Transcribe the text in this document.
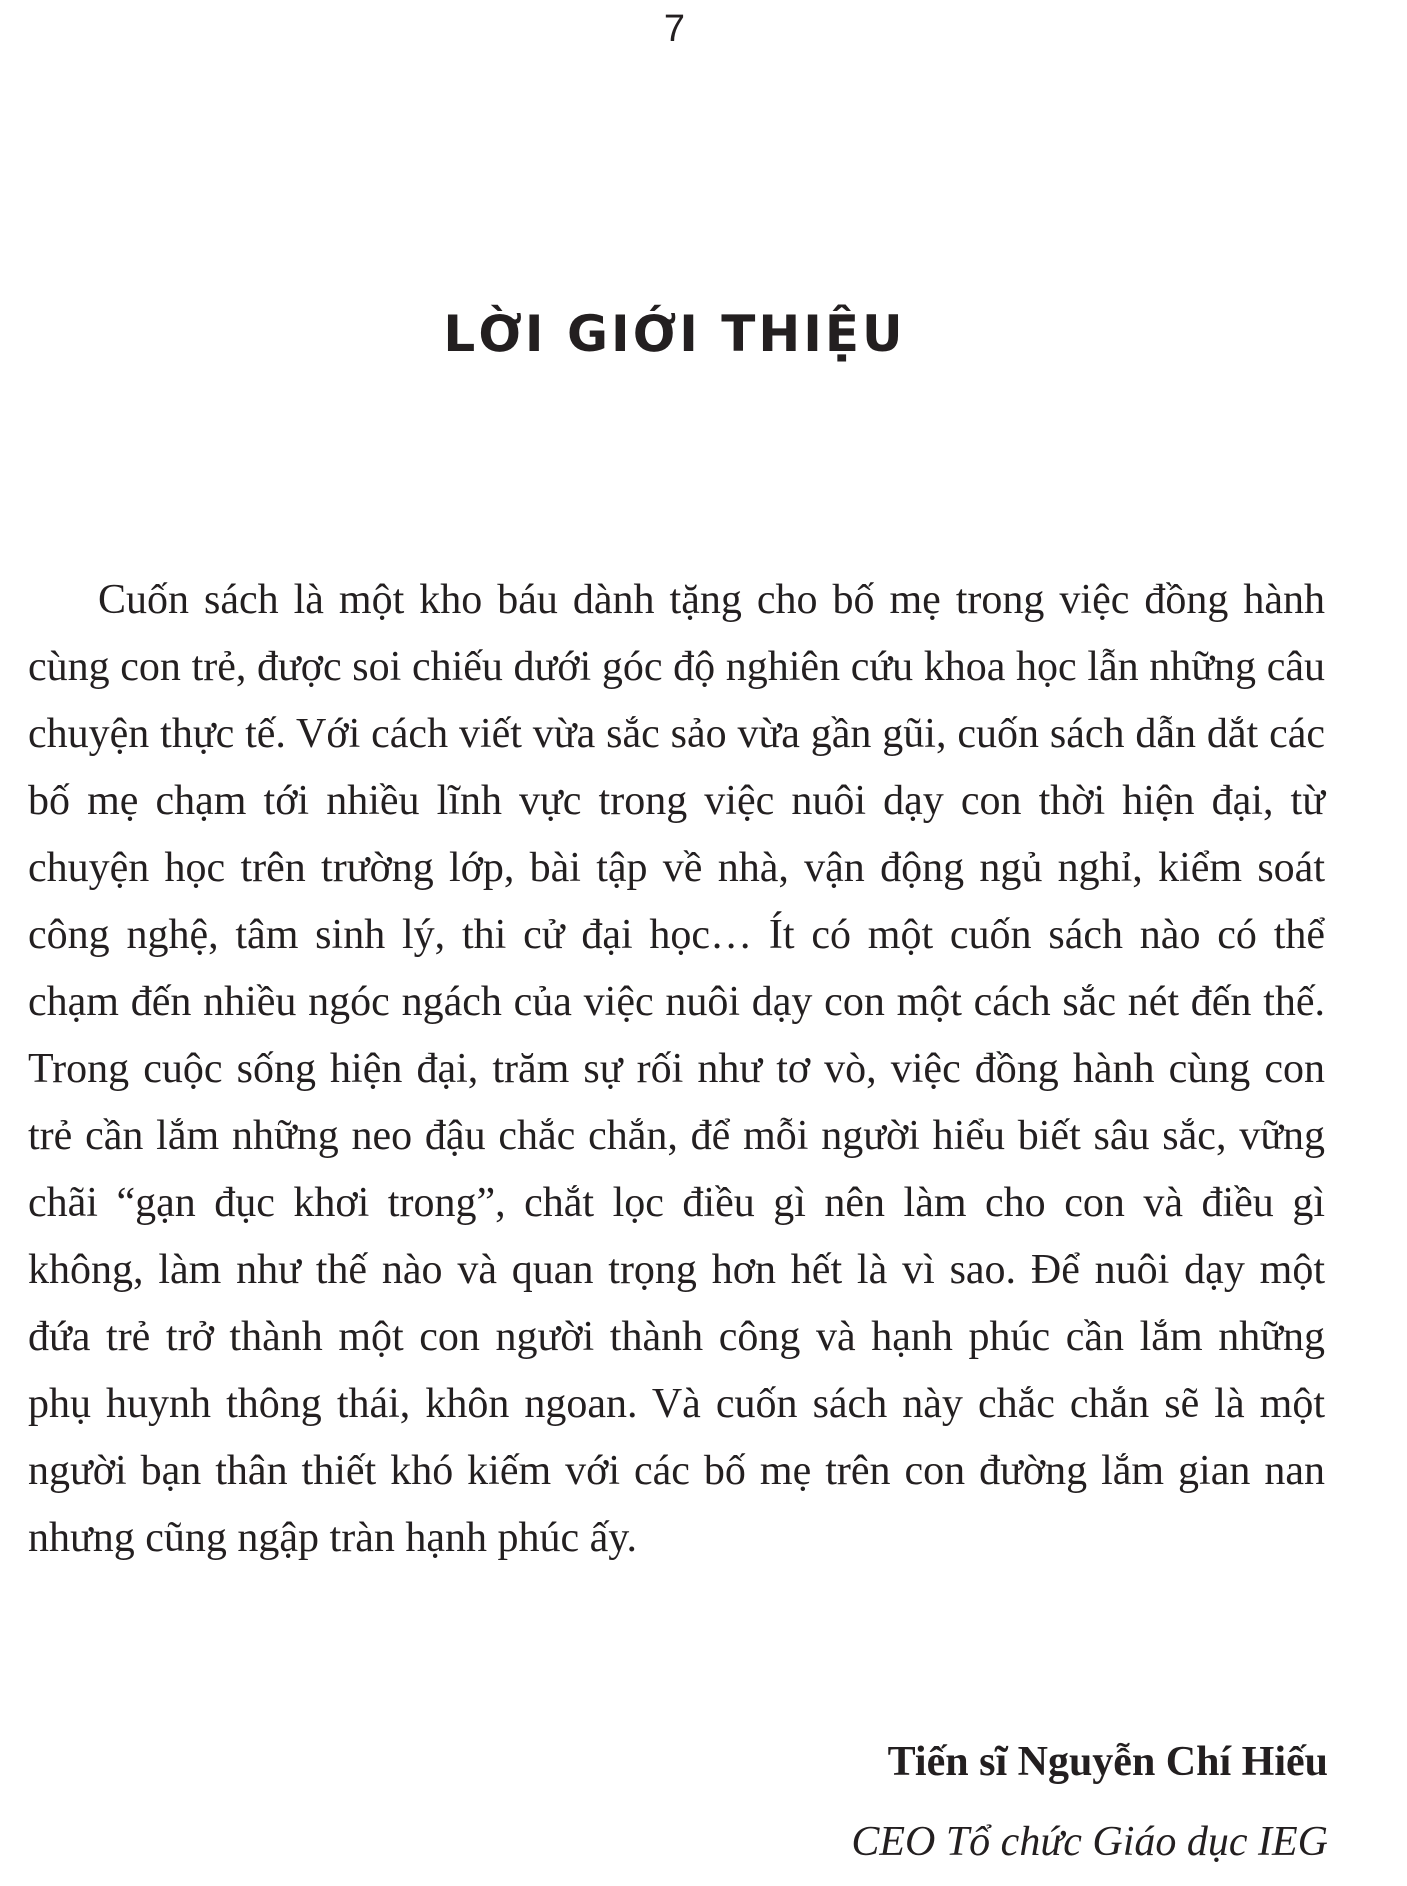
7
LỜI GIỚI THIỆU

Cuốn sách là một kho báu dành tặng cho bố mẹ trong việc đồng hành cùng con trẻ, được soi chiếu dưới góc độ nghiên cứu khoa học lẫn những câu chuyện thực tế. Với cách viết vừa sắc sảo vừa gần gũi, cuốn sách dẫn dắt các bố mẹ chạm tới nhiều lĩnh vực trong việc nuôi dạy con thời hiện đại, từ chuyện học trên trường lớp, bài tập về nhà, vận động ngủ nghỉ, kiểm soát công nghệ, tâm sinh lý, thi cử đại học… Ít có một cuốn sách nào có thể chạm đến nhiều ngóc ngách của việc nuôi dạy con một cách sắc nét đến thế. Trong cuộc sống hiện đại, trăm sự rối như tơ vò, việc đồng hành cùng con trẻ cần lắm những neo đậu chắc chắn, để mỗi người hiểu biết sâu sắc, vững chãi “gạn đục khơi trong”, chắt lọc điều gì nên làm cho con và điều gì không, làm như thế nào và quan trọng hơn hết là vì sao. Để nuôi dạy một đứa trẻ trở thành một con người thành công và hạnh phúc cần lắm những phụ huynh thông thái, khôn ngoan. Và cuốn sách này chắc chắn sẽ là một người bạn thân thiết khó kiếm với các bố mẹ trên con đường lắm gian nan nhưng cũng ngập tràn hạnh phúc ấy.

Tiến sĩ Nguyễn Chí Hiếu
CEO Tổ chức Giáo dục IEG
